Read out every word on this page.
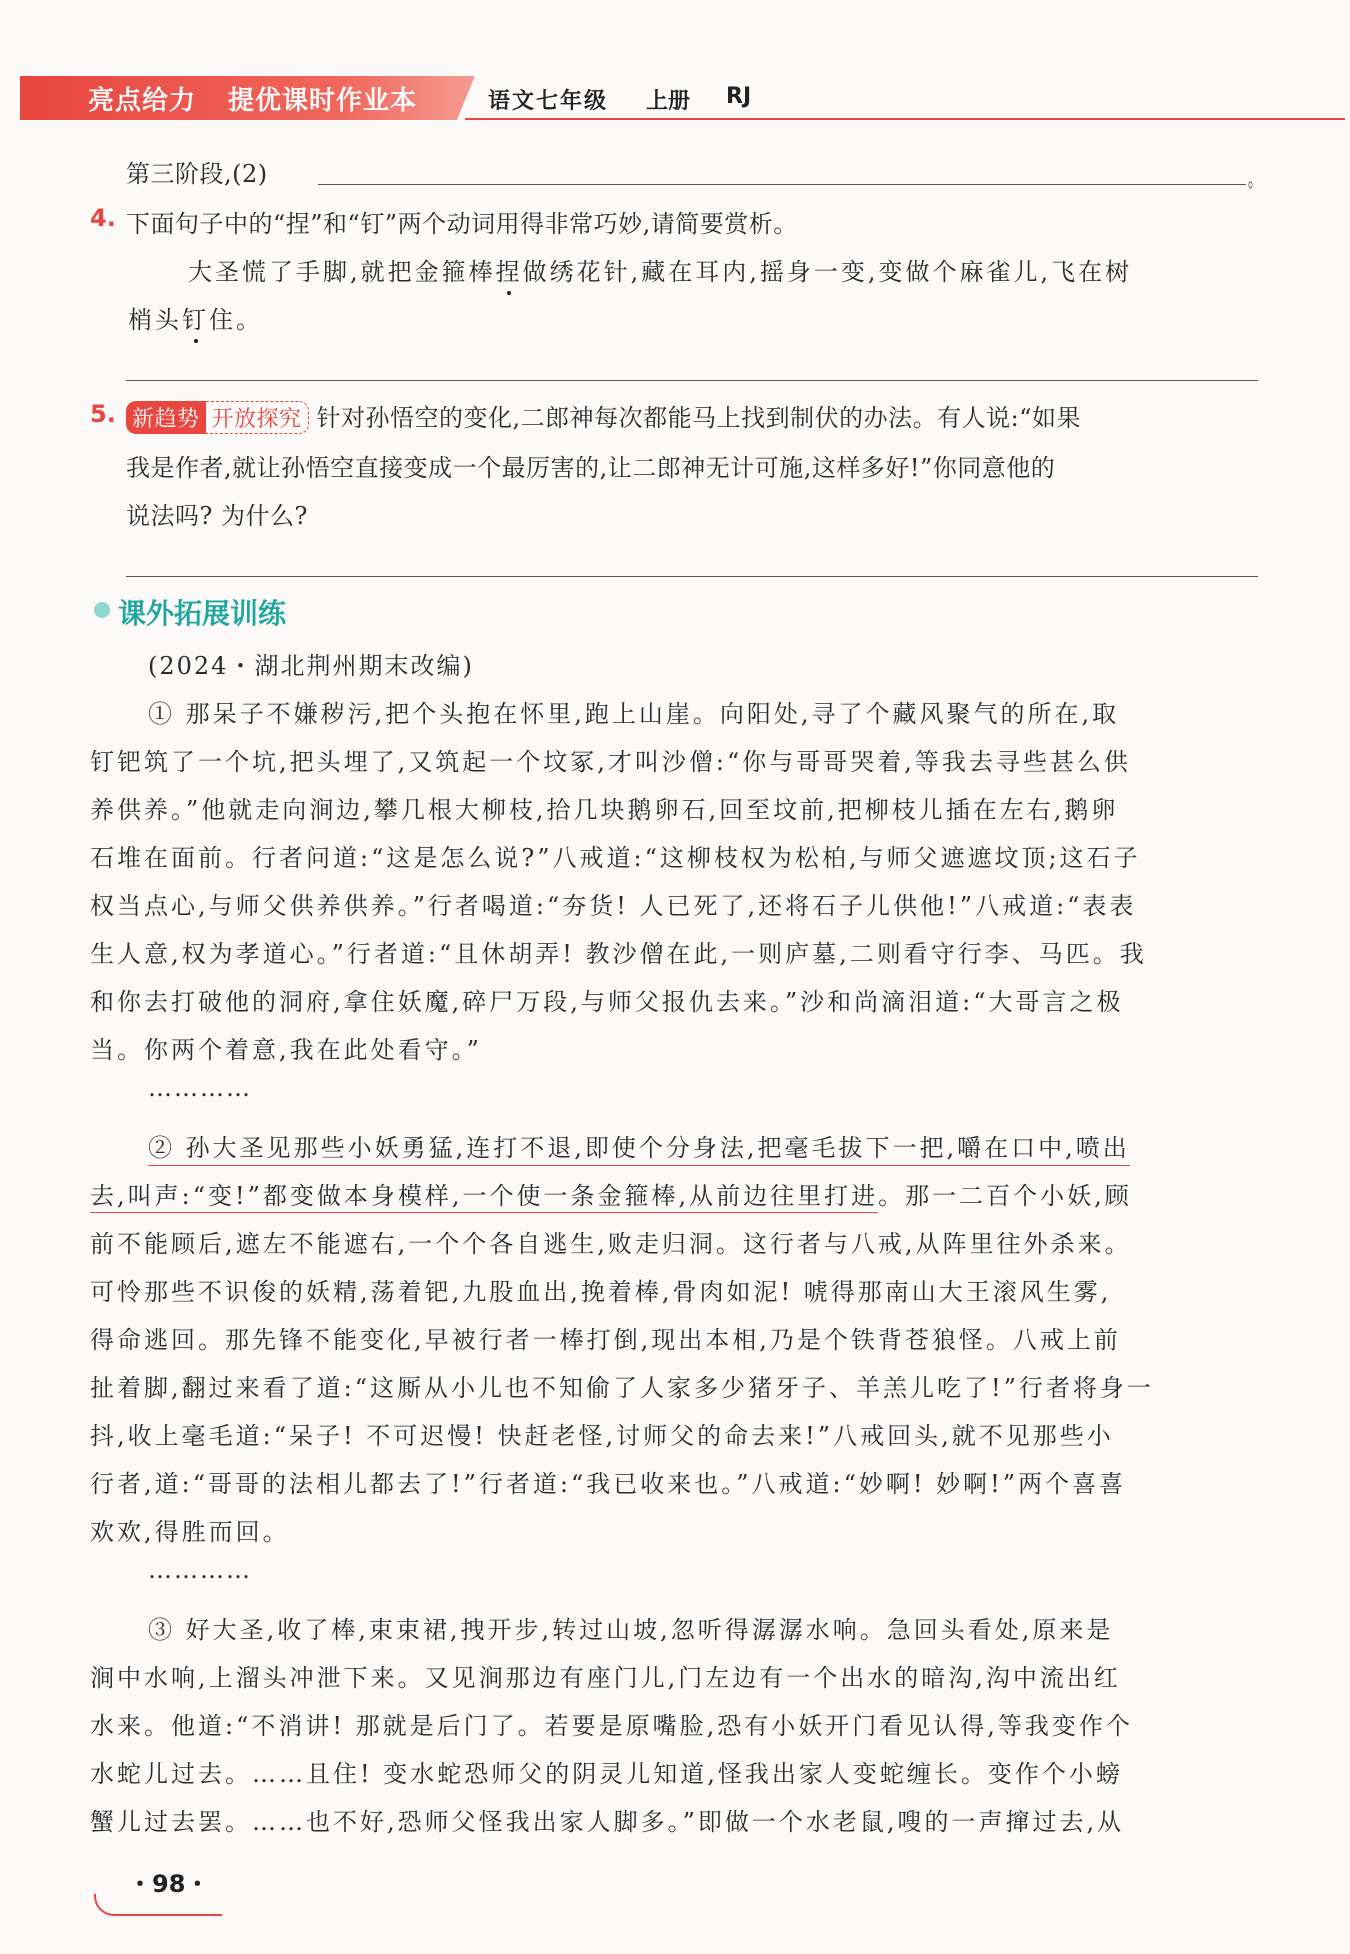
亮点给力 提优课时作业本	语文七年级 上册 RJ
第三阶段,(2)	。
4. 下面句子中的“捏”和“钉”两个动词用得非常巧妙,请简要赏析。
大圣慌了手脚,就把金箍棒捏做绣花针,藏在耳内,摇身一变,变做个麻雀儿,飞在树
梢头钉住。
5. 新趋势 开放探究 针对孙悟空的变化,二郎神每次都能马上找到制伏的办法。有人说:“如果
我是作者,就让孙悟空直接变成一个最厉害的,让二郎神无计可施,这样多好!”你同意他的
说法吗? 为什么?
课外拓展训练
(2024・湖北荆州期末改编)
① 那呆子不嫌秽污,把个头抱在怀里,跑上山崖。向阳处,寻了个藏风聚气的所在,取
钉钯筑了一个坑,把头埋了,又筑起一个坟冢,才叫沙僧:“你与哥哥哭着,等我去寻些甚么供
养供养。”他就走向涧边,攀几根大柳枝,拾几块鹅卵石,回至坟前,把柳枝儿插在左右,鹅卵
石堆在面前。行者问道:“这是怎么说?”八戒道:“这柳枝权为松柏,与师父遮遮坟顶;这石子
权当点心,与师父供养供养。”行者喝道:“夯货! 人已死了,还将石子儿供他!”八戒道:“表表
生人意,权为孝道心。”行者道:“且休胡弄! 教沙僧在此,一则庐墓,二则看守行李、马匹。我
和你去打破他的洞府,拿住妖魔,碎尸万段,与师父报仇去来。”沙和尚滴泪道:“大哥言之极
当。你两个着意,我在此处看守。”
…………
② 孙大圣见那些小妖勇猛,连打不退,即使个分身法,把毫毛拔下一把,嚼在口中,喷出
去,叫声:“变!”都变做本身模样,一个使一条金箍棒,从前边往里打进。那一二百个小妖,顾
前不能顾后,遮左不能遮右,一个个各自逃生,败走归洞。这行者与八戒,从阵里往外杀来。
可怜那些不识俊的妖精,荡着钯,九股血出,挽着棒,骨肉如泥! 唬得那南山大王滚风生雾,
得命逃回。那先锋不能变化,早被行者一棒打倒,现出本相,乃是个铁背苍狼怪。八戒上前
扯着脚,翻过来看了道:“这厮从小儿也不知偷了人家多少猪牙子、羊羔儿吃了!”行者将身一
抖,收上毫毛道:“呆子! 不可迟慢! 快赶老怪,讨师父的命去来!”八戒回头,就不见那些小
行者,道:“哥哥的法相儿都去了!”行者道:“我已收来也。”八戒道:“妙啊! 妙啊!”两个喜喜
欢欢,得胜而回。
…………
③ 好大圣,收了棒,束束裙,拽开步,转过山坡,忽听得潺潺水响。急回头看处,原来是
涧中水响,上溜头冲泄下来。又见涧那边有座门儿,门左边有一个出水的暗沟,沟中流出红
水来。他道:“不消讲! 那就是后门了。若要是原嘴脸,恐有小妖开门看见认得,等我变作个
水蛇儿过去。……且住! 变水蛇恐师父的阴灵儿知道,怪我出家人变蛇缠长。变作个小螃
蟹儿过去罢。……也不好,恐师父怪我出家人脚多。”即做一个水老鼠,嗖的一声撺过去,从
・98・
